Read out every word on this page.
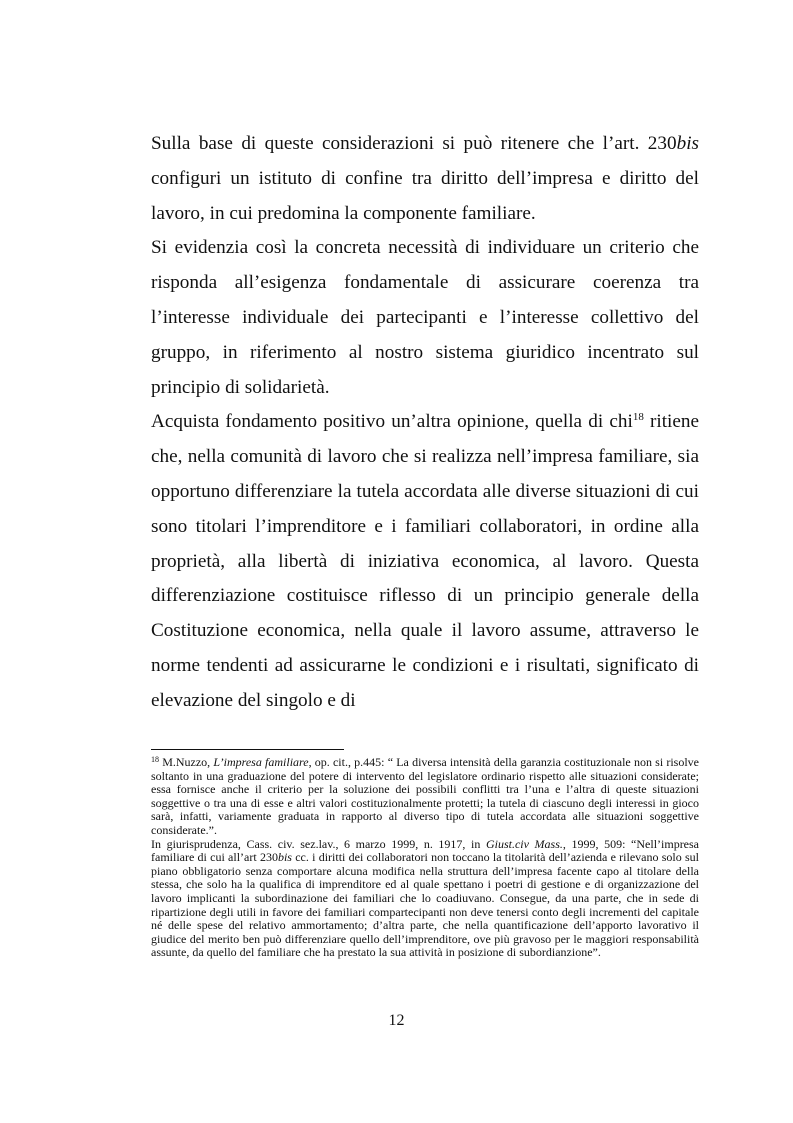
Sulla base di queste considerazioni si può ritenere che l’art. 230bis configuri un istituto di confine tra diritto dell’impresa e diritto del lavoro, in cui predomina la componente familiare.

Si evidenzia così la concreta necessità di individuare un criterio che risponda all’esigenza fondamentale di assicurare coerenza tra l’interesse individuale dei partecipanti e l’interesse collettivo del gruppo, in riferimento al nostro sistema giuridico incentrato sul principio di solidarietà.

Acquista fondamento positivo un’altra opinione, quella di chi$^{18}$ ritiene che, nella comunità di lavoro che si realizza nell’impresa familiare, sia opportuno differenziare la tutela accordata alle diverse situazioni di cui sono titolari l’imprenditore e i familiari collaboratori, in ordine alla proprietà, alla libertà di iniziativa economica, al lavoro. Questa differenziazione costituisce riflesso di un principio generale della Costituzione economica, nella quale il lavoro assume, attraverso le norme tendenti ad assicurarne le condizioni e i risultati, significato di elevazione del singolo e di

$^{18}$ M.Nuzzo, L’impresa familiare, op. cit., p.445: “ La diversa intensità della garanzia costituzionale non si risolve soltanto in una graduazione del potere di intervento del legislatore ordinario rispetto alle situazioni considerate; essa fornisce anche il criterio per la soluzione dei possibili conflitti tra l’una e l’altra di queste situazioni soggettive o tra una di esse e altri valori costituzionalmente protetti; la tutela di ciascuno degli interessi in gioco sarà, infatti, variamente graduata in rapporto al diverso tipo di tutela accordata alle situazioni soggettive considerate.”.

In giurisprudenza, Cass. civ. sez.lav., 6 marzo 1999, n. 1917, in Giust.civ Mass., 1999, 509: “Nell’impresa familiare di cui all’art 230bis cc. i diritti dei collaboratori non toccano la titolarità dell’azienda e rilevano solo sul piano obbligatorio senza comportare alcuna modifica nella struttura dell’impresa facente capo al titolare della stessa, che solo ha la qualifica di imprenditore ed al quale spettano i poetri di gestione e di organizzazione del lavoro implicanti la subordinazione dei familiari che lo coadiuvano. Consegue, da una parte, che in sede di ripartizione degli utili in favore dei familiari compartecipanti non deve tenersi conto degli incrementi del capitale né delle spese del relativo ammortamento; d’altra parte, che nella quantificazione dell’apporto lavorativo il giudice del merito ben può differenziare quello dell’imprenditore, ove più gravoso per le maggiori responsabilità assunte, da quello del familiare che ha prestato la sua attività in posizione di subordianzione”.

12
